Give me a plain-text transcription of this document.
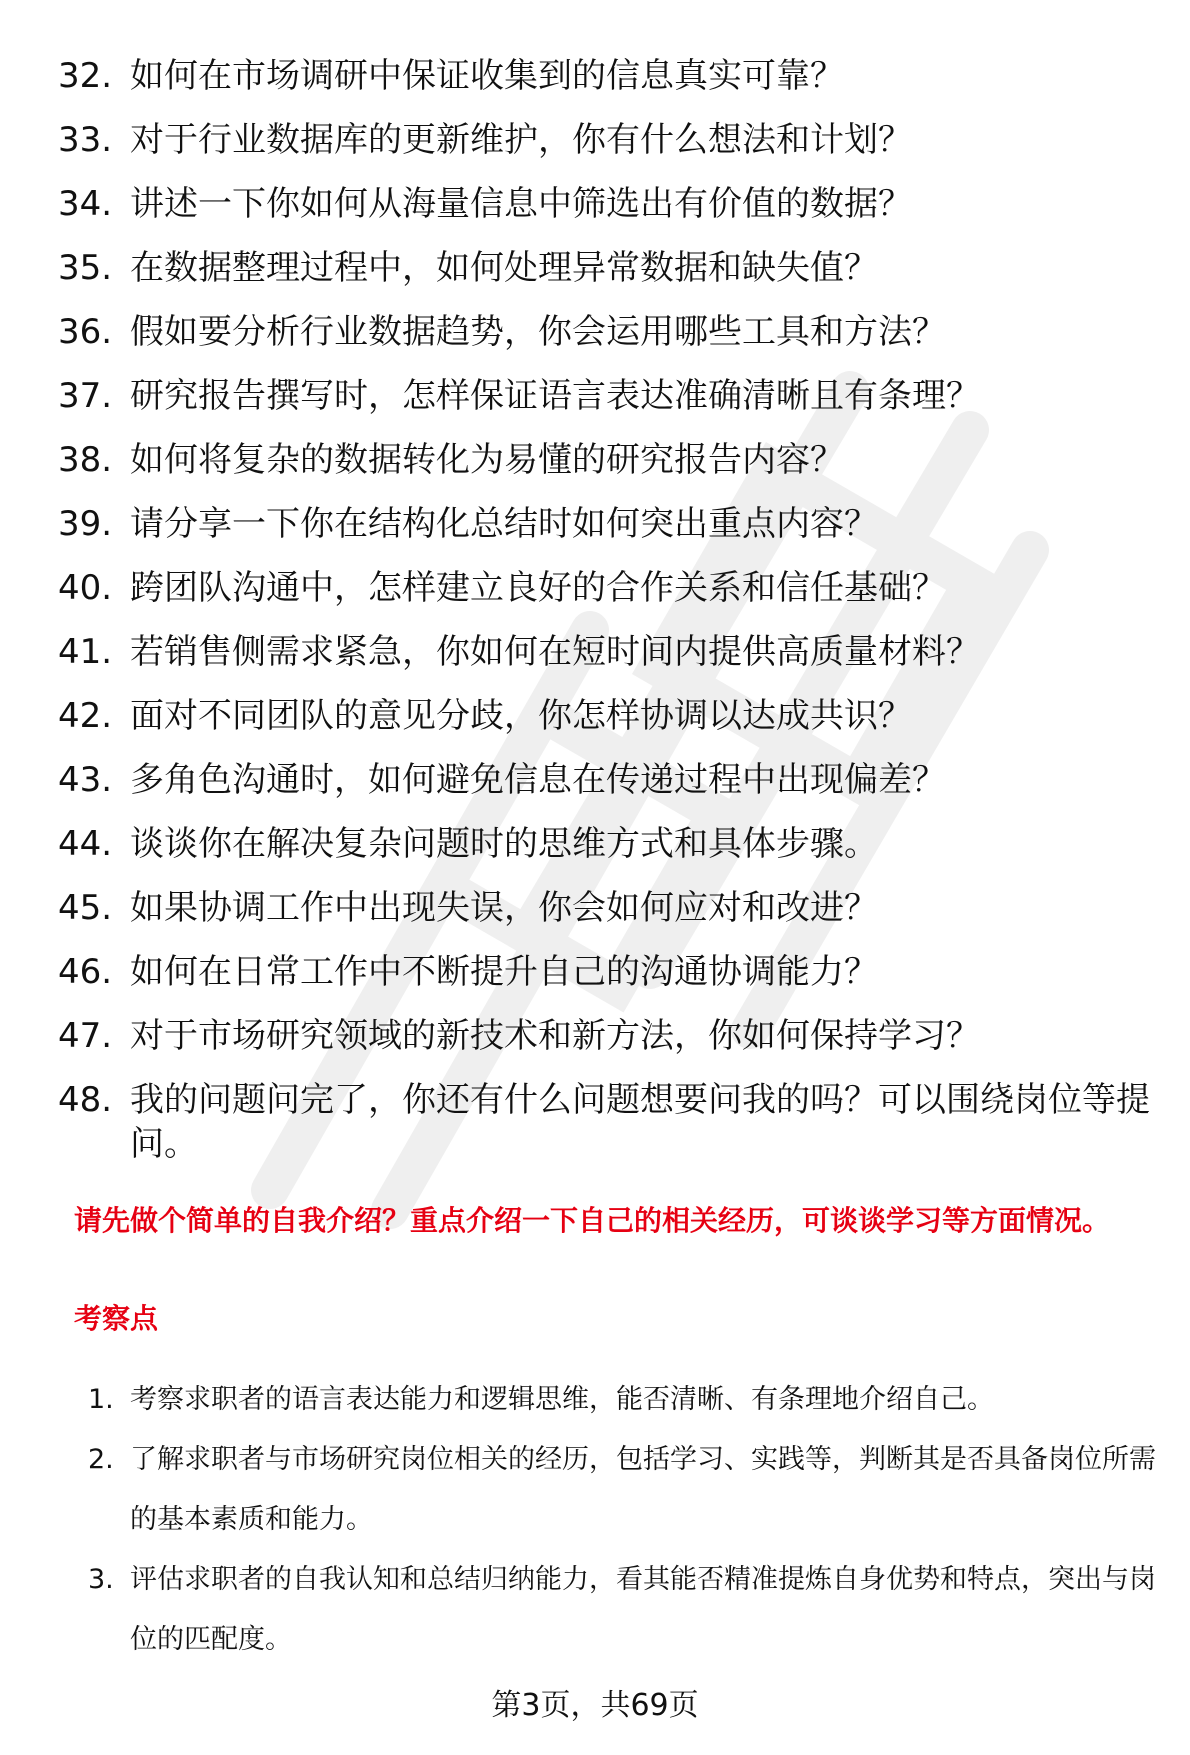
32. 如何在市场调研中保证收集到的信息真实可靠？
33. 对于行业数据库的更新维护，你有什么想法和计划？
34. 讲述一下你如何从海量信息中筛选出有价值的数据？
35. 在数据整理过程中，如何处理异常数据和缺失值？
36. 假如要分析行业数据趋势，你会运用哪些工具和方法？
37. 研究报告撰写时，怎样保证语言表达准确清晰且有条理？
38. 如何将复杂的数据转化为易懂的研究报告内容？
39. 请分享一下你在结构化总结时如何突出重点内容？
40. 跨团队沟通中，怎样建立良好的合作关系和信任基础？
41. 若销售侧需求紧急，你如何在短时间内提供高质量材料？
42. 面对不同团队的意见分歧，你怎样协调以达成共识？
43. 多角色沟通时，如何避免信息在传递过程中出现偏差？
44. 谈谈你在解决复杂问题时的思维方式和具体步骤。
45. 如果协调工作中出现失误，你会如何应对和改进？
46. 如何在日常工作中不断提升自己的沟通协调能力？
47. 对于市场研究领域的新技术和新方法，你如何保持学习？
48. 我的问题问完了，你还有什么问题想要问我的吗？可以围绕岗位等提问。
请先做个简单的自我介绍？重点介绍一下自己的相关经历，可谈谈学习等方面情况。
考察点
1. 考察求职者的语言表达能力和逻辑思维，能否清晰、有条理地介绍自己。
2. 了解求职者与市场研究岗位相关的经历，包括学习、实践等，判断其是否具备岗位所需的基本素质和能力。
3. 评估求职者的自我认知和总结归纳能力，看其能否精准提炼自身优势和特点，突出与岗位的匹配度。
第3页，共69页
